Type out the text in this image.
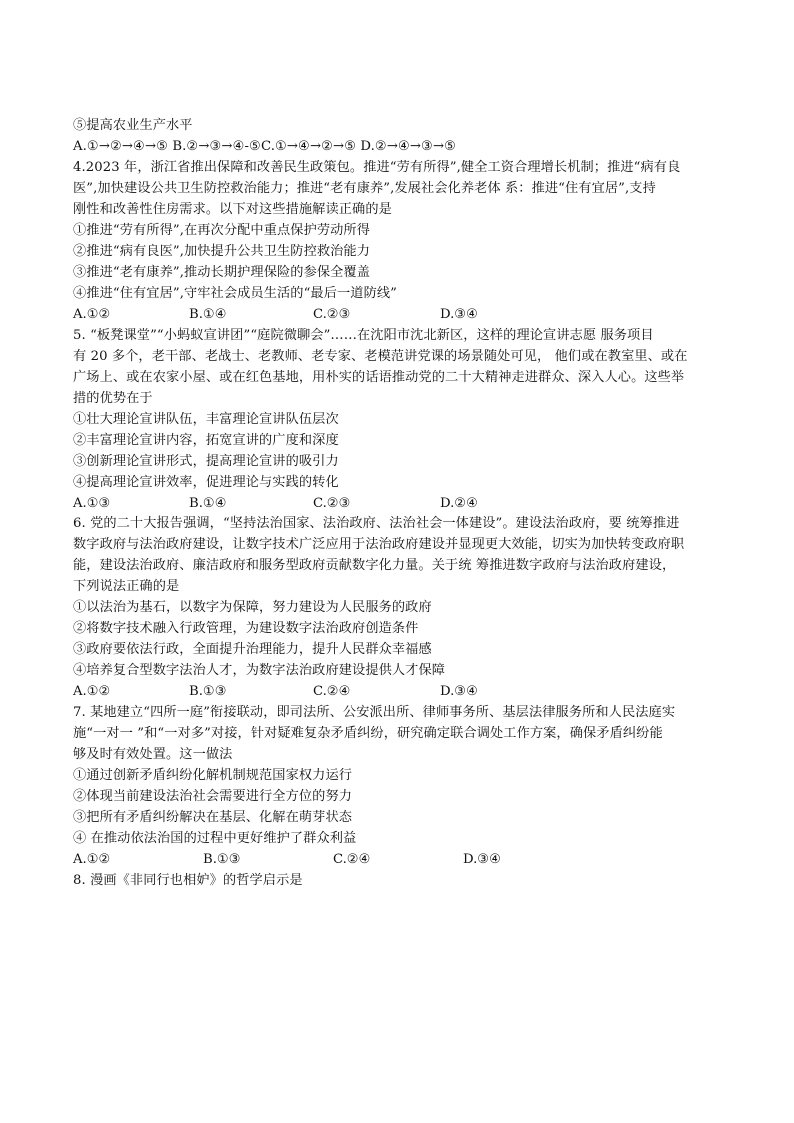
⑤提高农业生产水平
A.①→②→④→⑤ B.②→③→④-⑤C.①→④→②→⑤ D.②→④→③→⑤
4.2023 年，浙江省推出保障和改善民生政策包。推进“劳有所得”,健全工资合理增长机制；推进“病有良
医”,加快建设公共卫生防控救治能力；推进“老有康养”,发展社会化养老体 系：推进“住有宜居”,支持
刚性和改善性住房需求。以下对这些措施解读正确的是
①推进“劳有所得”,在再次分配中重点保护劳动所得
②推进“病有良医”,加快提升公共卫生防控救治能力
③推进“老有康养”,推动长期护理保险的参保全覆盖
④推进“住有宜居”,守牢社会成员生活的“最后一道防线”
A.①②	B.①④	C.②③	D.③④
5. “板凳课堂”“小蚂蚁宣讲团”“庭院微聊会”……在沈阳市沈北新区，这样的理论宣讲志愿 服务项目
有 20 多个，老干部、老战士、老教师、老专家、老模范讲党课的场景随处可见， 他们或在教室里、或在
广场上、或在农家小屋、或在红色基地，用朴实的话语推动党的二十大精神走进群众、深入人心。这些举
措的优势在于
①壮大理论宣讲队伍，丰富理论宣讲队伍层次
②丰富理论宣讲内容，拓宽宣讲的广度和深度
③创新理论宣讲形式，提高理论宣讲的吸引力
④提高理论宣讲效率，促进理论与实践的转化
A.①③	B.①④	C.②③	D.②④
6. 党的二十大报告强调，“坚持法治国家、法治政府、法治社会一体建设”。建设法治政府，要 统筹推进
数字政府与法治政府建设，让数字技术广泛应用于法治政府建设并显现更大效能，切实为加快转变政府职
能，建设法治政府、廉洁政府和服务型政府贡献数字化力量。关于统 筹推进数字政府与法治政府建设，
下列说法正确的是
①以法治为基石，以数字为保障，努力建设为人民服务的政府
②将数字技术融入行政管理，为建设数字法治政府创造条件
③政府要依法行政，全面提升治理能力，提升人民群众幸福感
④培养复合型数字法治人才，为数字法治政府建设提供人才保障
A.①②	B.①③	C.②④	D.③④
7. 某地建立“四所一庭”衔接联动，即司法所、公安派出所、律师事务所、基层法律服务所和人民法庭实
施“一对一 ”和“一对多”对接，针对疑难复杂矛盾纠纷，研究确定联合调处工作方案，确保矛盾纠纷能
够及时有效处置。这一做法
①通过创新矛盾纠纷化解机制规范国家权力运行
②体现当前建设法治社会需要进行全方位的努力
③把所有矛盾纠纷解决在基层、化解在萌芽状态
④ 在推动依法治国的过程中更好维护了群众利益
A.①②	B.①③	C.②④	D.③④
8. 漫画《非同行也相妒》的哲学启示是
